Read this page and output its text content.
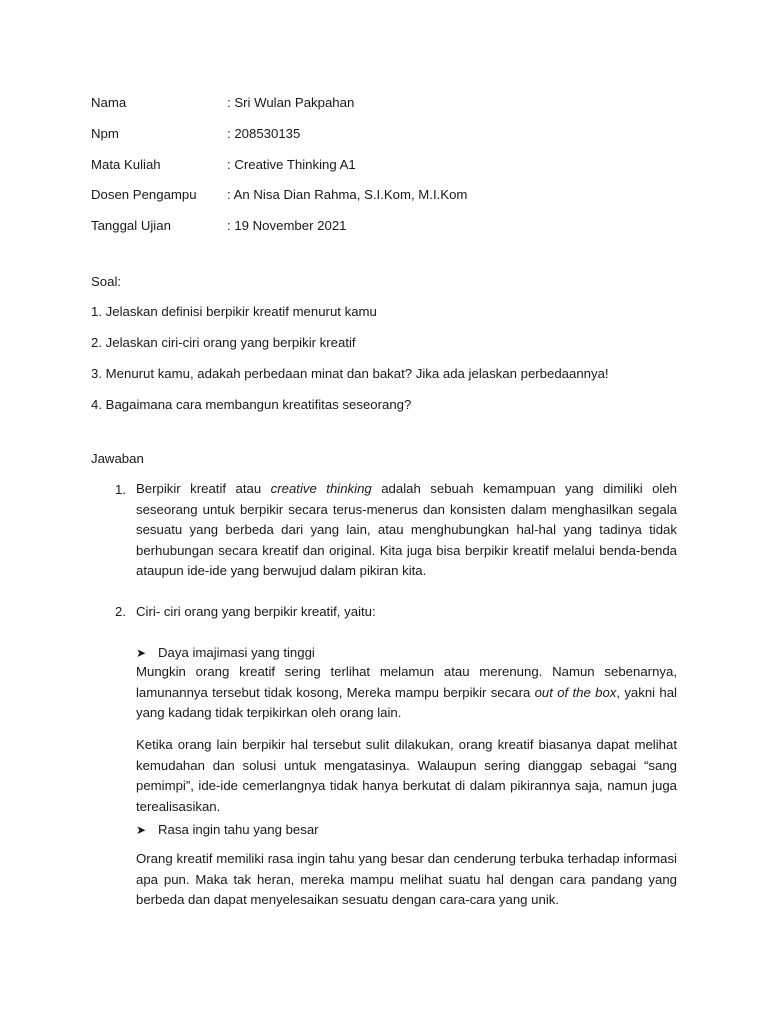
Nama	: Sri Wulan Pakpahan
Npm	: 208530135
Mata Kuliah	: Creative Thinking A1
Dosen Pengampu : An Nisa Dian Rahma, S.I.Kom, M.I.Kom
Tanggal Ujian	: 19 November 2021
Soal:
1. Jelaskan definisi berpikir kreatif menurut kamu
2. Jelaskan ciri-ciri orang yang berpikir kreatif
3. Menurut kamu, adakah perbedaan minat dan bakat? Jika ada jelaskan perbedaannya!
4. Bagaimana cara membangun kreatifitas seseorang?
Jawaban
1. Berpikir kreatif atau creative thinking adalah sebuah kemampuan yang dimiliki oleh seseorang untuk berpikir secara terus-menerus dan konsisten dalam menghasilkan segala sesuatu yang berbeda dari yang lain, atau menghubungkan hal-hal yang tadinya tidak berhubungan secara kreatif dan original. Kita juga bisa berpikir kreatif melalui benda-benda ataupun ide-ide yang berwujud dalam pikiran kita.
2. Ciri- ciri orang yang berpikir kreatif, yaitu:
➤ Daya imajimasi yang tinggi
Mungkin orang kreatif sering terlihat melamun atau merenung. Namun sebenarnya, lamunannya tersebut tidak kosong, Mereka mampu berpikir secara out of the box, yakni hal yang kadang tidak terpikirkan oleh orang lain.
Ketika orang lain berpikir hal tersebut sulit dilakukan, orang kreatif biasanya dapat melihat kemudahan dan solusi untuk mengatasinya. Walaupun sering dianggap sebagai “sang pemimpi”, ide-ide cemerlangnya tidak hanya berkutat di dalam pikirannya saja, namun juga terealisasikan.
➤ Rasa ingin tahu yang besar
Orang kreatif memiliki rasa ingin tahu yang besar dan cenderung terbuka terhadap informasi apa pun. Maka tak heran, mereka mampu melihat suatu hal dengan cara pandang yang berbeda dan dapat menyelesaikan sesuatu dengan cara-cara yang unik.
